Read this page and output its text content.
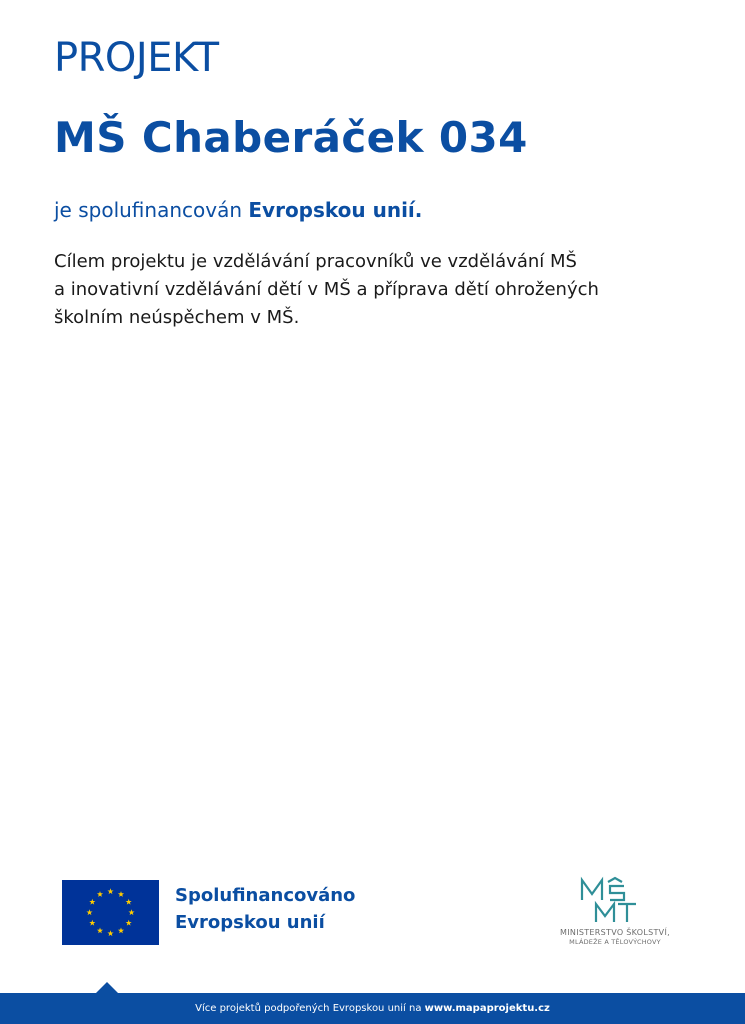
PROJEKT
MŠ Chaberáček 034

je spolufinancován Evropskou unií.

Cílem projektu je vzdělávání pracovníků ve vzdělávání MŠ
a inovativní vzdělávání dětí v MŠ a příprava dětí ohrožených
školním neúspěchem v MŠ.

Spolufinancováno
Evropskou unií	MINISTERSTVO ŠKOLSTVÍ,
MLÁDEŽE A TĚLOVÝCHOVY
Více projektů podpořených Evropskou unií na www.mapaprojektu.cz
